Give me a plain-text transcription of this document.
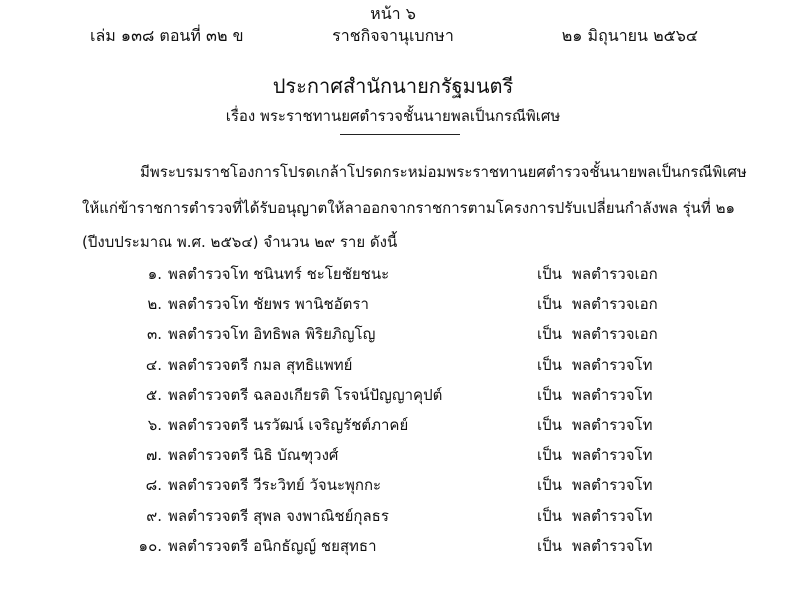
หน้า ๖
เล่ม ๑๓๘ ตอนที่ ๓๒ ข	ราชกิจจานุเบกษา	๒๑ มิถุนายน ๒๕๖๔
ประกาศสำนักนายกรัฐมนตรี
เรื่อง พระราชทานยศตำรวจชั้นนายพลเป็นกรณีพิเศษ
มีพระบรมราชโองการโปรดเกล้าโปรดกระหม่อมพระราชทานยศตำรวจชั้นนายพลเป็นกรณีพิเศษ
ให้แก่ข้าราชการตำรวจที่ได้รับอนุญาตให้ลาออกจากราชการตามโครงการปรับเปลี่ยนกำลังพล รุ่นที่ ๒๑
(ปีงบประมาณ พ.ศ. ๒๕๖๔) จำนวน ๒๙ ราย ดังนี้
๑. พลตำรวจโท ชนินทร์ ชะโยชัยชนะ	เป็น พลตำรวจเอก
๒. พลตำรวจโท ชัยพร พานิชอัตรา	เป็น พลตำรวจเอก
๓. พลตำรวจโท อิทธิพล พิริยภิญโญ	เป็น พลตำรวจเอก
๔. พลตำรวจตรี กมล สุทธิแพทย์	เป็น พลตำรวจโท
๕. พลตำรวจตรี ฉลองเกียรติ โรจน์ปัญญาคุปต์	เป็น พลตำรวจโท
๖. พลตำรวจตรี นรวัฒน์ เจริญรัชต์ภาคย์	เป็น พลตำรวจโท
๗. พลตำรวจตรี นิธิ บัณฑุวงศ์	เป็น พลตำรวจโท
๘. พลตำรวจตรี วีระวิทย์ วัจนะพุกกะ	เป็น พลตำรวจโท
๙. พลตำรวจตรี สุพล จงพาณิชย์กุลธร	เป็น พลตำรวจโท
๑๐. พลตำรวจตรี อนิกธัญญ์ ชยสุทธา	เป็น พลตำรวจโท
